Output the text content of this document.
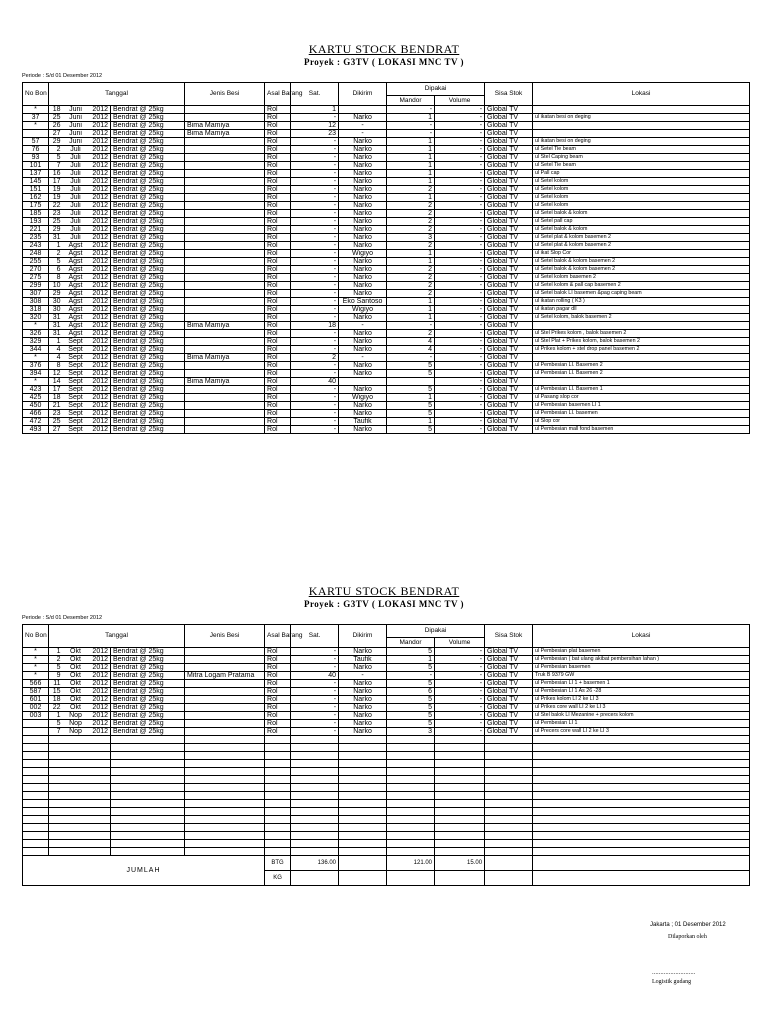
KARTU STOCK BENDRAT
Proyek : G3TV ( LOKASI MNC TV )
Periode : S/d 01 Desember 2012
No Bon	Tanggal				Jenis Besi	Asal Barang	Sat.	Dikirim	Dipakai		Sisa Stok	Lokasi	
									Mandor	Volume			
*	18	Juni	2012	Bendrat @ 25kg		Rol	1		-	-	Global TV		
37	25	Juni	2012	Bendrat @ 25kg		Rol	-	Narko	1	-	Global TV	ul ikatan besi on deging	
*	26	Juni	2012	Bendrat @ 25kg	Bima Mamiya	Rol	12	-	-	-	Global TV		
	27	Juni	2012	Bendrat @ 25kg	Bima Mamiya	Rol	23	-	-	-	Global TV		
57	29	Juni	2012	Bendrat @ 25kg		Rol	-	Narko	1	-	Global TV	ul ikatan besi on deging	
76	2	Juli	2012	Bendrat @ 25kg		Rol	-	Narko	1	-	Global TV	ul Setel Tie beam	
93	5	Juli	2012	Bendrat @ 25kg		Rol	-	Narko	1	-	Global TV	ul Stel Caping beam	
101	7	Juli	2012	Bendrat @ 25kg		Rol	-	Narko	1	-	Global TV	ul Setel Tie beam	
137	16	Juli	2012	Bendrat @ 25kg		Rol	-	Narko	1	-	Global TV	ul Pall cap	
145	17	Juli	2012	Bendrat @ 25kg		Rol	-	Narko	1	-	Global TV	ul Setel kolom	
151	19	Juli	2012	Bendrat @ 25kg		Rol	-	Narko	2	-	Global TV	ul Setel kolom	
162	19	Juli	2012	Bendrat @ 25kg		Rol	-	Narko	1	-	Global TV	ul Setel kolom	
175	22	Juli	2012	Bendrat @ 25kg		Rol	-	Narko	2	-	Global TV	ul Setel kolom	
185	23	Juli	2012	Bendrat @ 25kg		Rol	-	Narko	2	-	Global TV	ul Setel balok & kolom	
193	25	Juli	2012	Bendrat @ 25kg		Rol	-	Narko	2	-	Global TV	ul Setel pall cap	
221	29	Juli	2012	Bendrat @ 25kg		Rol	-	Narko	2	-	Global TV	ul Setel balok & kolom	
235	31	Juli	2012	Bendrat @ 25kg		Rol	-	Narko	3	-	Global TV	ul Setel plat & kolom basemen 2	
243	1	Agst	2012	Bendrat @ 25kg		Rol	-	Narko	2	-	Global TV	ul Setel plat & kolom basemen 2	
248	2	Agst	2012	Bendrat @ 25kg		Rol	-	Wigiyo	1	-	Global TV	ul ikat Slop Cor	
255	5	Agst	2012	Bendrat @ 25kg		Rol	-	Narko	1	-	Global TV	ul Setel balok & kolom basemen 2	
270	6	Agst	2012	Bendrat @ 25kg		Rol	-	Narko	2	-	Global TV	ul Setel balok & kolom basemen 2	
275	8	Agst	2012	Bendrat @ 25kg		Rol	-	Narko	2	-	Global TV	ul Setel kolom basemen 2	
299	10	Agst	2012	Bendrat @ 25kg		Rol	-	Narko	2	-	Global TV	ul Setel kolom & pall cap basemen 2	
307	29	Agst	2012	Bendrat @ 25kg		Rol	-	Narko	2	-	Global TV	ul Setel balok LI basemen &pag caping beam	
308	30	Agst	2012	Bendrat @ 25kg		Rol	-	Eko Santoso	1	-	Global TV	ul ikatan rolling ( K3 )	
318	30	Agst	2012	Bendrat @ 25kg		Rol	-	Wigiyo	1	-	Global TV	ul ikatan pagar dll	
320	31	Agst	2012	Bendrat @ 25kg		Rol	-	Narko	1	-	Global TV	ul Setel kolom, balok basemen 2	
*	31	Agst	2012	Bendrat @ 25kg	Bima Mamiya	Rol	18	-	-	-	Global TV		
326	31	Agst	2012	Bendrat @ 25kg		Rol	-	Narko	2	-	Global TV	ul Stel Prikes kolom , balok basemen 2	
329	1	Sept	2012	Bendrat @ 25kg		Rol	-	Narko	4	-	Global TV	ul Stel Plat + Prikes kolom, balok basemen 2	
344	4	Sept	2012	Bendrat @ 25kg		Rol	-	Narko	4	-	Global TV	ul Prikes kolom + stel drop panel basemen 2	
*	4	Sept	2012	Bendrat @ 25kg	Bima Mamiya	Rol	2	-	-	-	Global TV		
376	8	Sept	2012	Bendrat @ 25kg		Rol	-	Narko	5	-	Global TV	ul Pembesian LI. Basemen 2	
394	12	Sept	2012	Bendrat @ 25kg		Rol	-	Narko	5	-	Global TV	ul Pembesian LI. Basemen 2	
*	14	Sept	2012	Bendrat @ 25kg	Bima Mamiya	Rol	40			-	Global TV		
423	17	Sept	2012	Bendrat @ 25kg		Rol	-	Narko	5	-	Global TV	ul Pembesian LI. Basemen 1	
425	18	Sept	2012	Bendrat @ 25kg		Rol	-	Wigiyo	1	-	Global TV	ul Pasang slop cor	
450	21	Sept	2012	Bendrat @ 25kg		Rol	-	Narko	5	-	Global TV	ul Pembesian basemen LI 1	
466	23	Sept	2012	Bendrat @ 25kg		Rol	-	Narko	5	-	Global TV	ul Pembesian LI. basemen	
472	25	Sept	2012	Bendrat @ 25kg		Rol	-	Taufik	1	-	Global TV	ul Slop cor	
493	27	Sept	2012	Bendrat @ 25kg		Rol	-	Narko	5	-	Global TV	ul Pembesian mall fond basemen	
KARTU STOCK BENDRAT
Proyek : G3TV ( LOKASI MNC TV )
Periode : S/d 01 Desember 2012
No Bon	Tanggal				Jenis Besi	Asal Barang	Sat.	Dikirim	Dipakai		Sisa Stok	Lokasi	
									Mandor	Volume			
*	1	Okt	2012	Bendrat @ 25kg		Rol	-	Narko	5	-	Global TV	ul Pembesian plat basemen	
*	2	Okt	2012	Bendrat @ 25kg		Rol	-	Taufik	1	-	Global TV	ul Pembesian ( bat ulang akibat pembersihan lahan )	
*	5	Okt	2012	Bendrat @ 25kg		Rol	-	Narko	5	-	Global TV	ul Pembesian basemen	
*	9	Okt	2012	Bendrat @ 25kg	Mitra Logam Pratama	Rol	40	-	-	-	Global TV	Truk B 9379 GW	
566	11	Okt	2012	Bendrat @ 25kg		Rol	-	Narko	5	-	Global TV	ul Pembesian LI 1 + basemen 1	
587	15	Okt	2012	Bendrat @ 25kg		Rol	-	Narko	6	-	Global TV	ul Pembesian LI 1 As 26 -28	
601	18	Okt	2012	Bendrat @ 25kg		Rol	-	Narko	5	-	Global TV	ul Prikes kolom LI 2 ke LI 3	
002	22	Okt	2012	Bendrat @ 25kg		Rol	-	Narko	5	-	Global TV	ul Prikes core wall LI 2 ke LI 3	
003	1	Nop	2012	Bendrat @ 25kg		Rol	-	Narko	5	-	Global TV	ul Stel balok LI Mezanine + precers kolom	
	5	Nop	2012	Bendrat @ 25kg		Rol	-	Narko	5	-	Global TV	ul Pembesian LI 1	
	7	Nop	2012	Bendrat @ 25kg		Rol	-	Narko	3	-	Global TV	ul Precers core wall LI 2 ke LI 3	

JUMLAH						BTG	136.00		121.00	15.00			
						KG							
Jakarta ; 01 Desember 2012
Dilaporkan oleh
..........................
Logistik gudang
